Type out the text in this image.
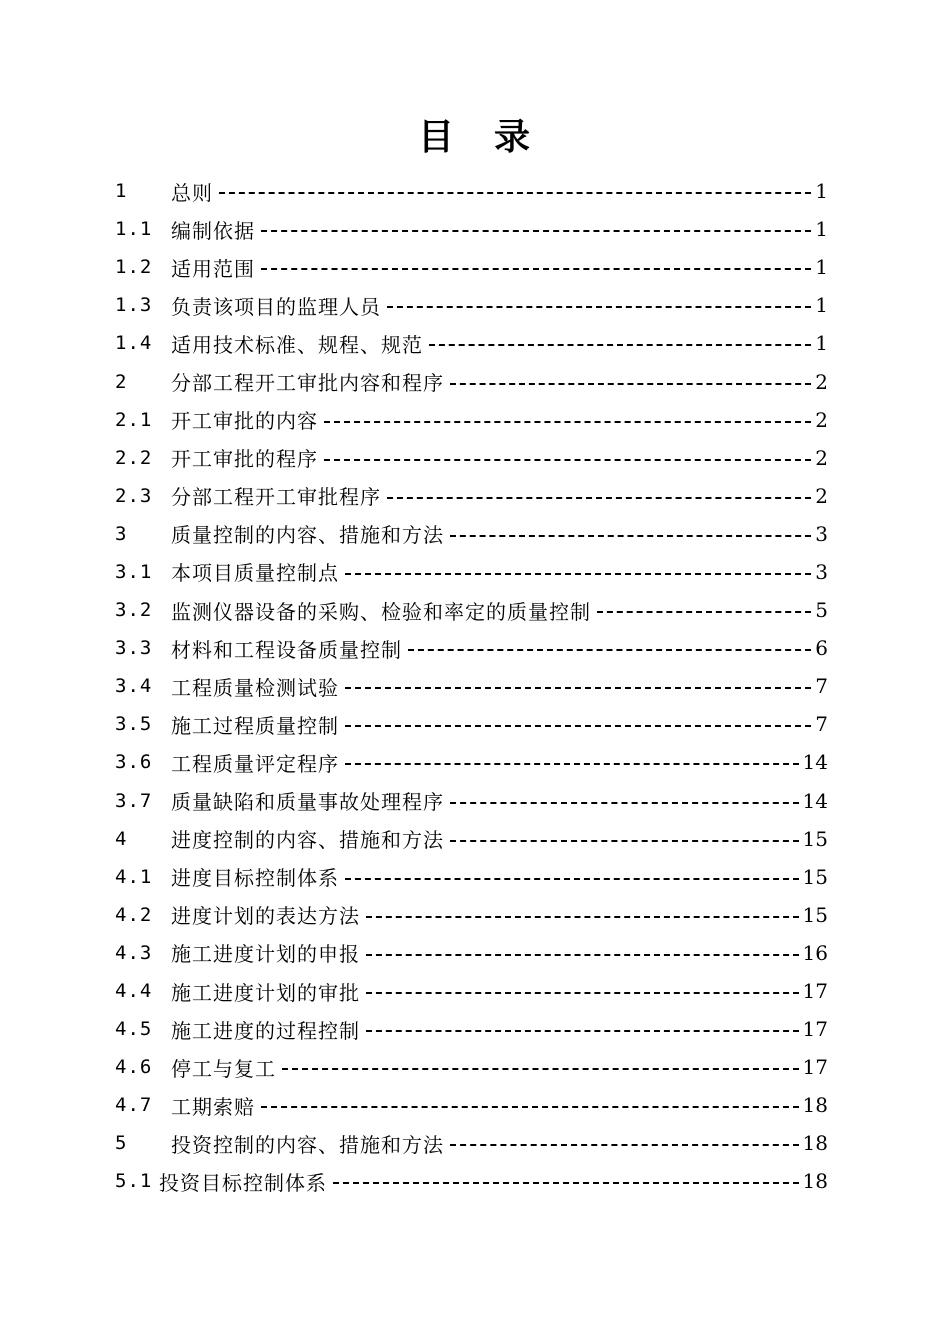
目　录
1	总则	1
1.1 编制依据	1
1.2 适用范围	1
1.3 负责该项目的监理人员	1
1.4 适用技术标准、规程、规范	1
2	分部工程开工审批内容和程序	2
2.1 开工审批的内容	2
2.2 开工审批的程序	2
2.3 分部工程开工审批程序	2
3	质量控制的内容、措施和方法	3
3.1 本项目质量控制点	3
3.2 监测仪器设备的采购、检验和率定的质量控制	5
3.3 材料和工程设备质量控制	6
3.4 工程质量检测试验	7
3.5 施工过程质量控制	7
3.6 工程质量评定程序	14
3.7 质量缺陷和质量事故处理程序	14
4	进度控制的内容、措施和方法	15
4.1 进度目标控制体系	15
4.2 进度计划的表达方法	15
4.3 施工进度计划的申报	16
4.4 施工进度计划的审批	17
4.5 施工进度的过程控制	17
4.6 停工与复工	17
4.7 工期索赔	18
5	投资控制的内容、措施和方法	18
5.1 投资目标控制体系	18
